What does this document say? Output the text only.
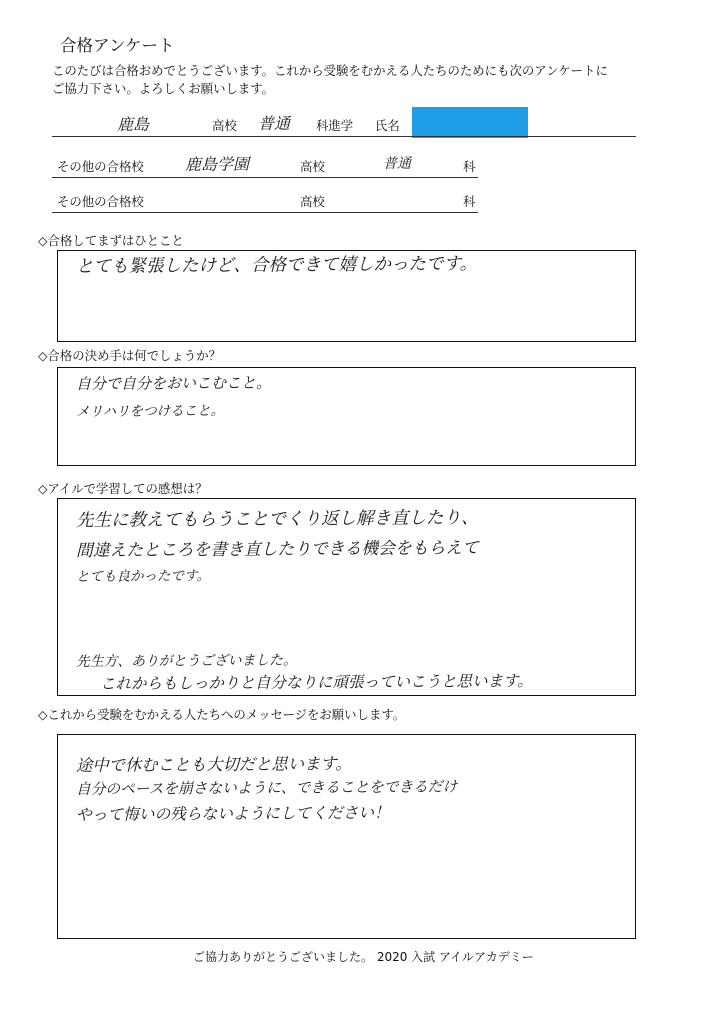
合格アンケート
このたびは合格おめでとうございます。これから受験をむかえる人たちのためにも次のアンケートに
ご協力下さい。よろしくお願いします。
鹿島	高校 普通 科進学 氏名
その他の合格校	鹿島学園	高校	普通	科
その他の合格校	高校	科
◇合格してまずはひとこと
とても緊張したけど、合格できて嬉しかったです。
◇合格の決め手は何でしょうか？
自分で自分をおいこむこと。
メリハリをつけること。
◇アイルで学習しての感想は？
先生に教えてもらうことでくり返し解き直したり、
間違えたところを書き直したりできる機会をもらえて
とても良かったです。
先生方、ありがとうございました。
これからもしっかりと自分なりに頑張っていこうと思います。
◇これから受験をむかえる人たちへのメッセージをお願いします。
途中で休むことも大切だと思います。
自分のペースを崩さないように、できることをできるだけ
やって悔いの残らないようにしてください！
ご協力ありがとうございました。 2020 入試 アイルアカデミー
